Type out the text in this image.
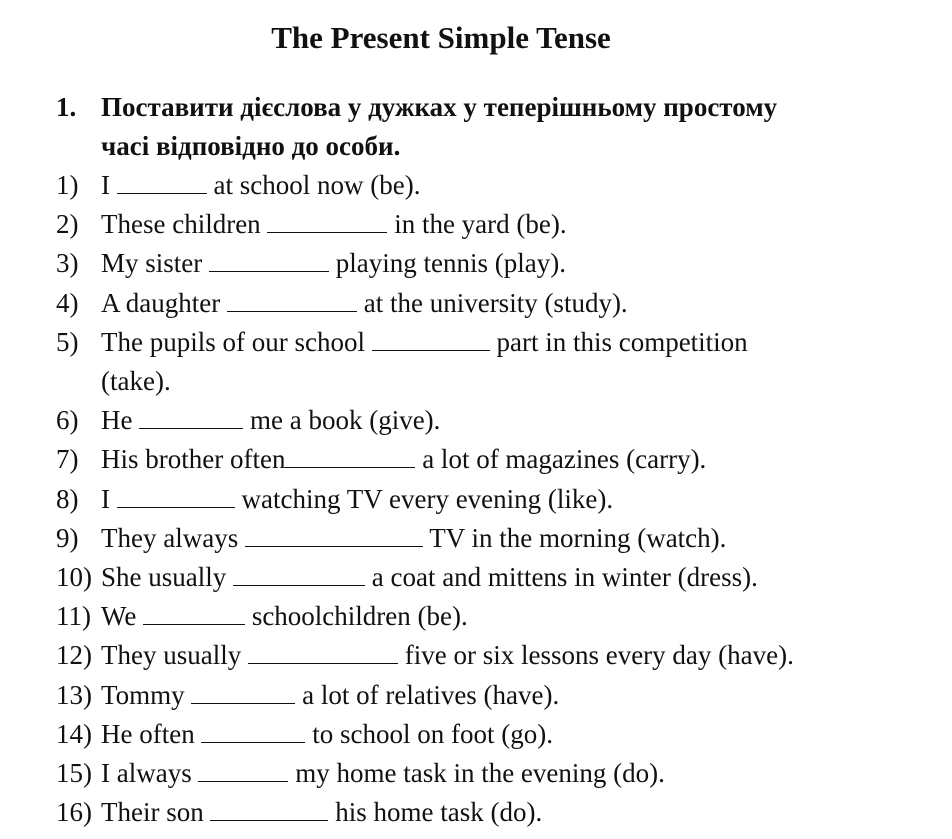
The Present Simple Tense
1. Поставити дієслова у дужках у теперішньому простому
часі відповідно до особи.
1) I	at school now (be).
2) These children	in the yard (be).
3) My sister	playing tennis (play).
4) A daughter	at the university (study).
5) The pupils of our school	part in this competition
(take).
6) He	me a book (give).
7) His brother often	a lot of magazines (carry).
8) I	watching TV every evening (like).
9) They always	TV in the morning (watch).
10) She usually	a coat and mittens in winter (dress).
11) We	schoolchildren (be).
12) They usually	five or six lessons every day (have).
13) Tommy	a lot of relatives (have).
14) He often	to school on foot (go).
15) I always	my home task in the evening (do).
16) Their son	his home task (do).
